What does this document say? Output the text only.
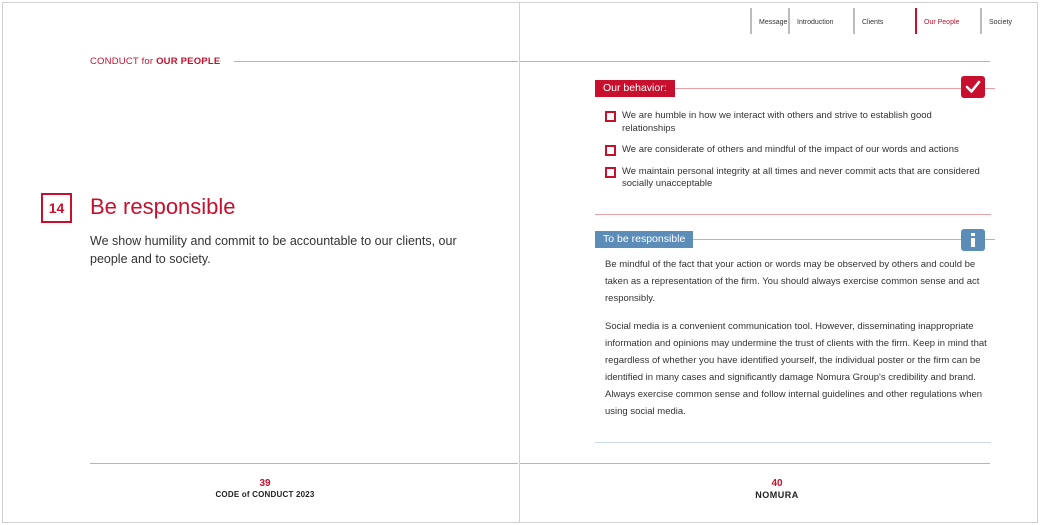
Message	Introduction	Clients	Our People	Society
CONDUCT for OUR PEOPLE
14	Be responsible

We show humility and commit to be accountable to our clients, our people and to society.

39
CODE of CONDUCT 2023
Our behavior:
We are humble in how we interact with others and strive to establish good relationships
We are considerate of others and mindful of the impact of our words and actions
We maintain personal integrity at all times and never commit acts that are considered socially unacceptable
To be responsible

Be mindful of the fact that your action or words may be observed by others and could be taken as a representation of the firm. You should always exercise common sense and act responsibly.

Social media is a convenient communication tool. However, disseminating inappropriate information and opinions may undermine the trust of clients with the firm. Keep in mind that regardless of whether you have identified yourself, the individual poster or the firm can be identified in many cases and significantly damage Nomura Group's credibility and brand. Always exercise common sense and follow internal guidelines and other regulations when using social media.

40
NOMURA
